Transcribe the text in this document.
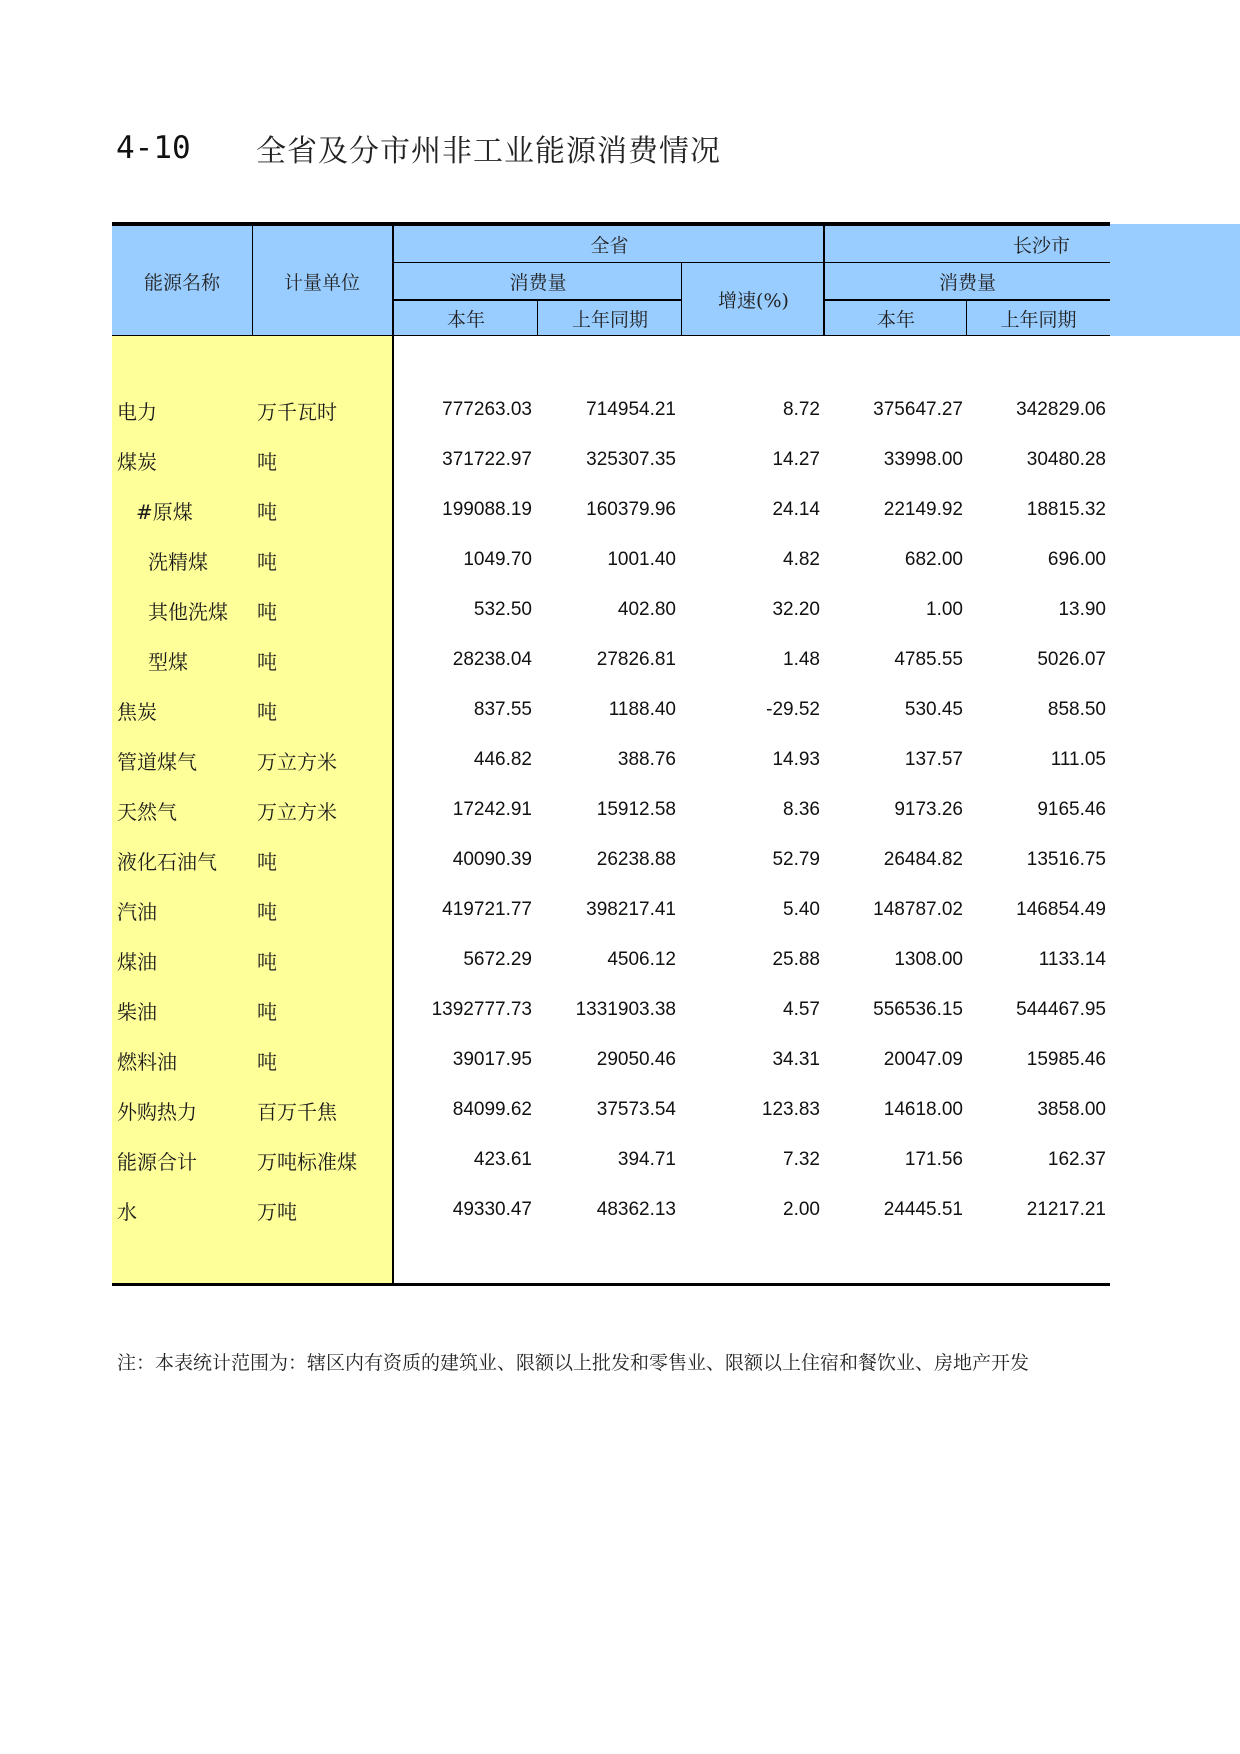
4-10	全省及分市州非工业能源消费情况
能源名称	计量单位
全省	长沙市
消费量
增速(%)
消费量
本年	上年同期	本年	上年同期
电力	万千瓦时	777263.03	714954.21	8.72	375647.27	342829.06
煤炭	吨	371722.97	325307.35	14.27	33998.00	30480.28
#原煤	吨	199088.19	160379.96	24.14	22149.92	18815.32
洗精煤	吨	1049.70	1001.40	4.82	682.00	696.00
其他洗煤	吨	532.50	402.80	32.20	1.00	13.90
型煤	吨	28238.04	27826.81	1.48	4785.55	5026.07
焦炭	吨	837.55	1188.40	-29.52	530.45	858.50
管道煤气	万立方米	446.82	388.76	14.93	137.57	111.05
天然气	万立方米	17242.91	15912.58	8.36	9173.26	9165.46
液化石油气	吨	40090.39	26238.88	52.79	26484.82	13516.75
汽油	吨	419721.77	398217.41	5.40	148787.02	146854.49
煤油	吨	5672.29	4506.12	25.88	1308.00	1133.14
柴油	吨	1392777.73	1331903.38	4.57	556536.15	544467.95
燃料油	吨	39017.95	29050.46	34.31	20047.09	15985.46
外购热力	百万千焦	84099.62	37573.54	123.83	14618.00	3858.00
能源合计	万吨标准煤	423.61	394.71	7.32	171.56	162.37
水	万吨	49330.47	48362.13	2.00	24445.51	21217.21
注：本表统计范围为：辖区内有资质的建筑业、限额以上批发和零售业、限额以上住宿和餐饮业、房地产开发
